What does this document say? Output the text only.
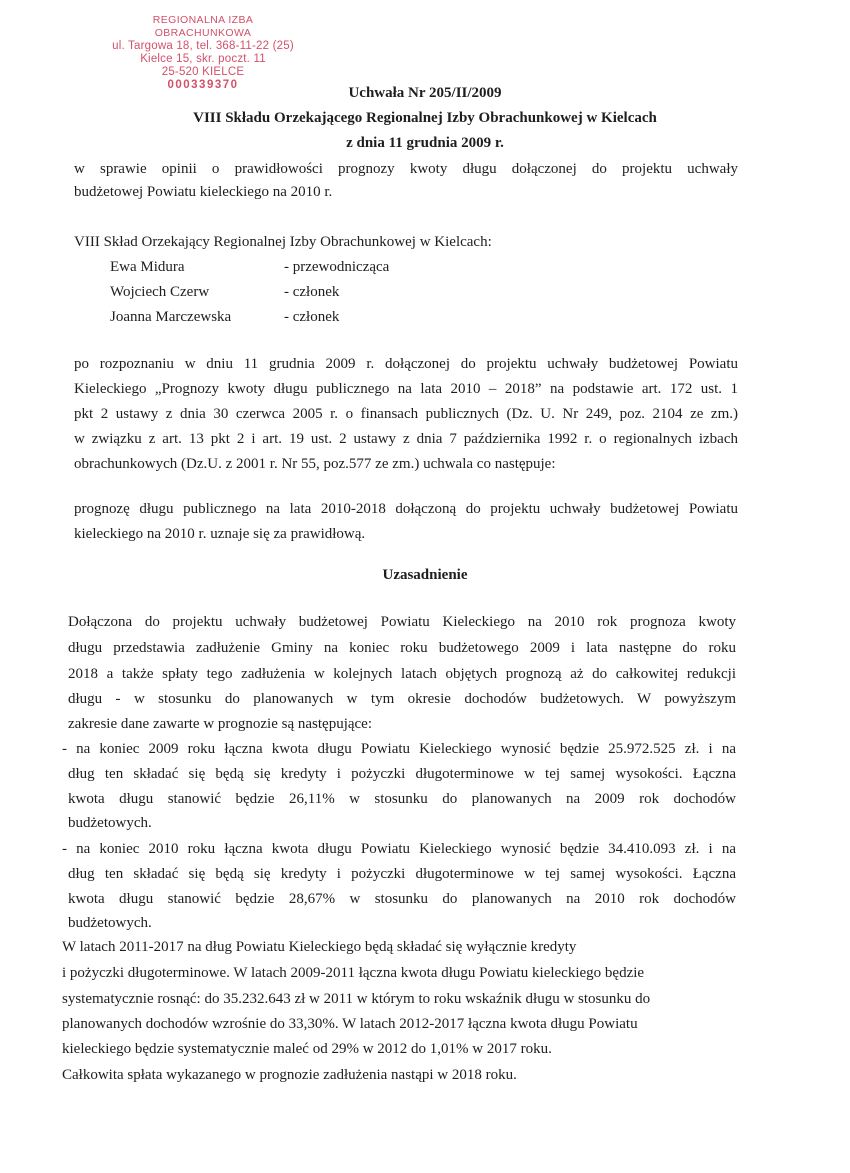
REGIONALNA IZBA OBRACHUNKOWA
ul. Targowa 18, tel. 368-11-22 (25)
Kielce 15, skr. poczt. 11
25-520 KIELCE
000339370	Uchwała Nr 205/II/2009
VIII Składu Orzekającego Regionalnej Izby Obrachunkowej w Kielcach
z dnia 11 grudnia 2009 r.
w sprawie opinii o prawidłowości prognozy kwoty długu dołączonej do projektu uchwały
budżetowej Powiatu kieleckiego na 2010 r.
VIII Skład Orzekający Regionalnej Izby Obrachunkowej w Kielcach:
Ewa Midura	- przewodnicząca
Wojciech Czerw	- członek
Joanna Marczewska	- członek
po rozpoznaniu w dniu 11 grudnia 2009 r. dołączonej do projektu uchwały budżetowej Powiatu
Kieleckiego „Prognozy kwoty długu publicznego na lata 2010 – 2018” na podstawie art. 172 ust. 1
pkt 2 ustawy z dnia 30 czerwca 2005 r. o finansach publicznych (Dz. U. Nr 249, poz. 2104 ze zm.)
w związku z art. 13 pkt 2 i art. 19 ust. 2 ustawy z dnia 7 października 1992 r. o regionalnych izbach
obrachunkowych (Dz.U. z 2001 r. Nr 55, poz.577 ze zm.) uchwala co następuje:
prognozę długu publicznego na lata 2010-2018 dołączoną do projektu uchwały budżetowej Powiatu
kieleckiego na 2010 r. uznaje się za prawidłową.
Uzasadnienie
Dołączona do projektu uchwały budżetowej Powiatu Kieleckiego na 2010 rok prognoza kwoty
długu przedstawia zadłużenie Gminy na koniec roku budżetowego 2009 i lata następne do roku
2018 a także spłaty tego zadłużenia w kolejnych latach objętych prognozą aż do całkowitej redukcji
długu - w stosunku do planowanych w tym okresie dochodów budżetowych. W powyższym
zakresie dane zawarte w prognozie są następujące:
- na koniec 2009 roku łączna kwota długu Powiatu Kieleckiego wynosić będzie 25.972.525 zł. i na
dług ten składać się będą się kredyty i pożyczki długoterminowe w tej samej wysokości. Łączna
kwota długu stanowić będzie 26,11% w stosunku do planowanych na 2009 rok dochodów
budżetowych.
- na koniec 2010 roku łączna kwota długu Powiatu Kieleckiego wynosić będzie 34.410.093 zł. i na
dług ten składać się będą się kredyty i pożyczki długoterminowe w tej samej wysokości. Łączna
kwota długu stanowić będzie 28,67% w stosunku do planowanych na 2010 rok dochodów
budżetowych.
W latach 2011-2017 na dług Powiatu Kieleckiego będą składać się wyłącznie kredyty
i pożyczki długoterminowe. W latach 2009-2011 łączna kwota długu Powiatu kieleckiego będzie
systematycznie rosnąć: do 35.232.643 zł w 2011 w którym to roku wskaźnik długu w stosunku do
planowanych dochodów wzrośnie do 33,30%. W latach 2012-2017 łączna kwota długu Powiatu
kieleckiego będzie systematycznie maleć od 29% w 2012 do 1,01% w 2017 roku.
Całkowita spłata wykazanego w prognozie zadłużenia nastąpi w 2018 roku.
